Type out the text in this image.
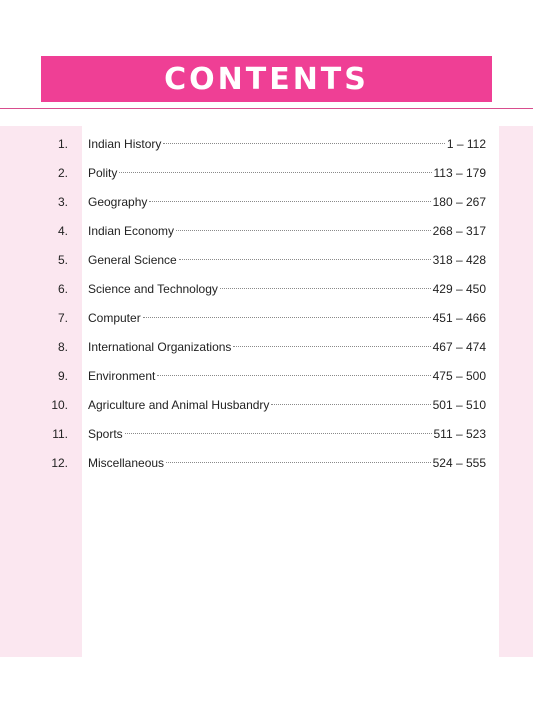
CONTENTS
1. Indian History	1 – 112
2. Polity	113 – 179
3. Geography	180 – 267
4. Indian Economy	268 – 317
5. General Science	318 – 428
6. Science and Technology	429 – 450
7. Computer	451 – 466
8. International Organizations	467 – 474
9. Environment	475 – 500
10. Agriculture and Animal Husbandry	501 – 510
11. Sports	511 – 523
12. Miscellaneous	524 – 555
